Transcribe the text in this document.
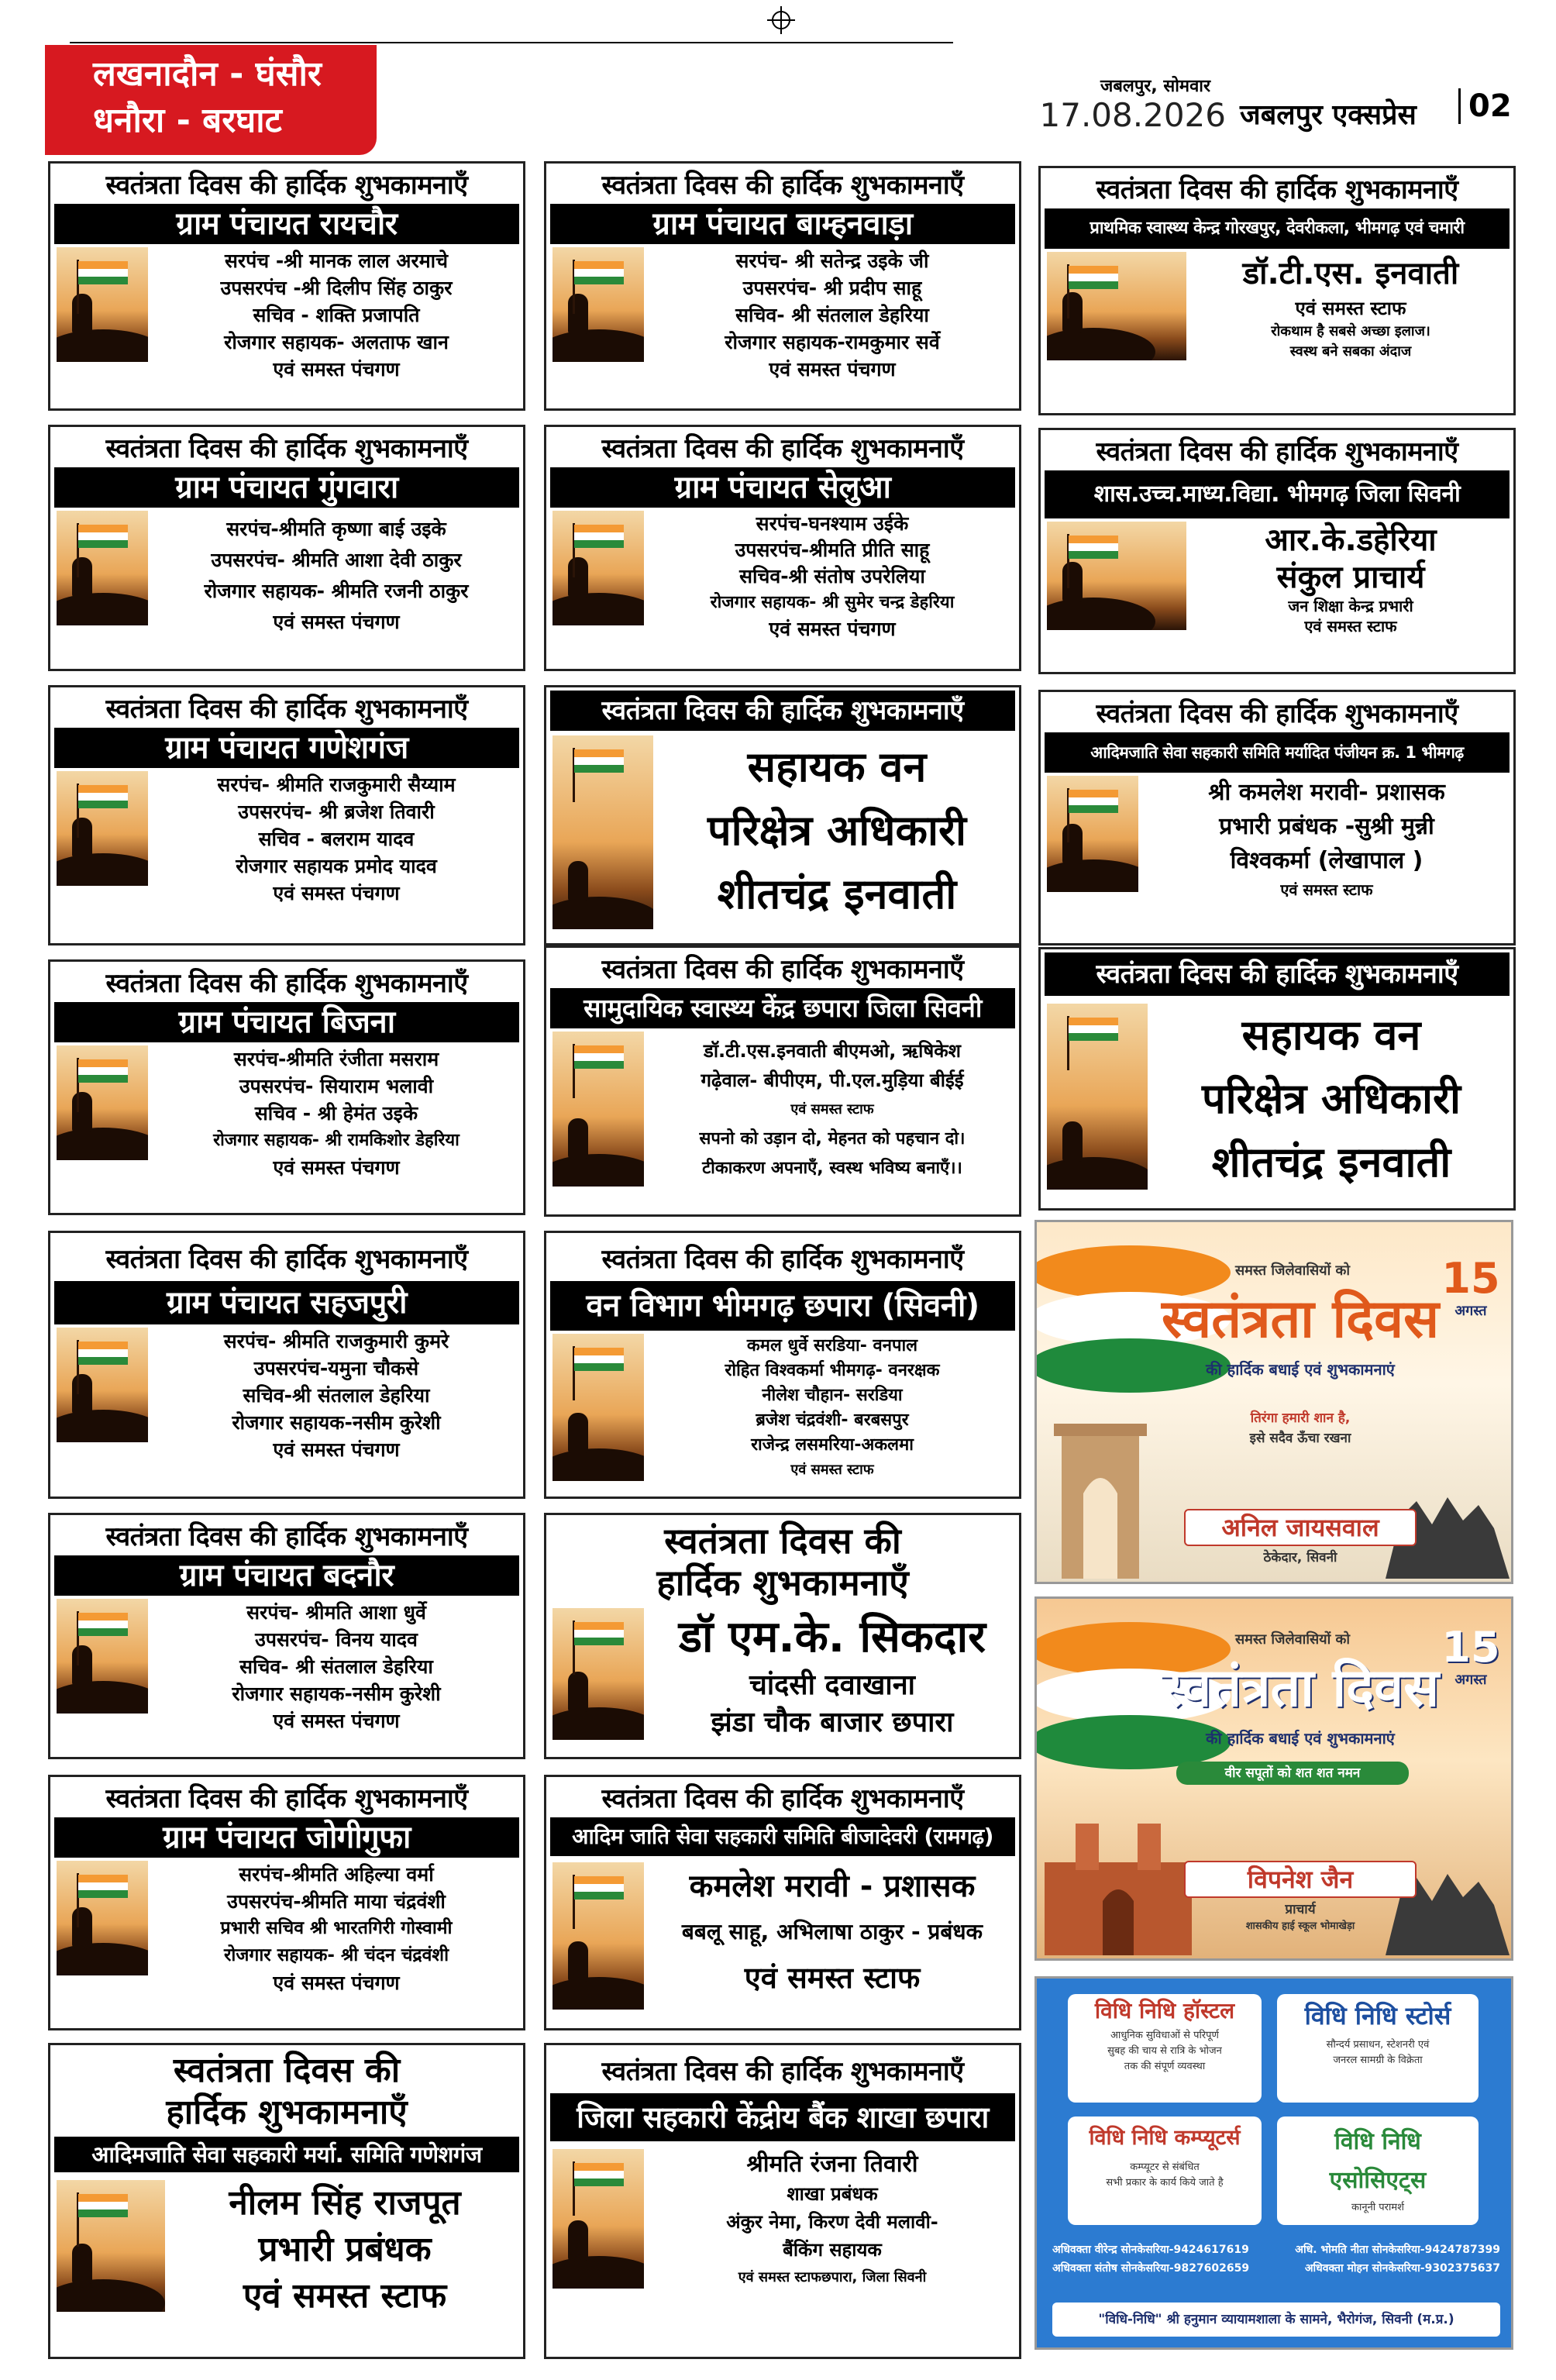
लखनादौन - घंसौर
धनौरा - बरघाट
जबलपुर, सोमवार
17.08.2026 जबलपुर एक्सप्रेस	02
स्वतंत्रता दिवस की हार्दिक शुभकामनाएँ
ग्राम पंचायत रायचौर
सरपंच -श्री मानक लाल अरमाचे
उपसरपंच -श्री दिलीप सिंह ठाकुर
सचिव - शक्ति प्रजापति
रोजगार सहायक- अलताफ खान
एवं समस्त पंचगण
स्वतंत्रता दिवस की हार्दिक शुभकामनाएँ
ग्राम पंचायत गुंगवारा
सरपंच-श्रीमति कृष्णा बाई उइके
उपसरपंच- श्रीमति आशा देवी ठाकुर
रोजगार सहायक- श्रीमति रजनी ठाकुर
एवं समस्त पंचगण
स्वतंत्रता दिवस की हार्दिक शुभकामनाएँ
ग्राम पंचायत गणेशगंज
सरपंच- श्रीमति राजकुमारी सैय्याम
उपसरपंच- श्री ब्रजेश तिवारी
सचिव - बलराम यादव
रोजगार सहायक प्रमोद यादव
एवं समस्त पंचगण
स्वतंत्रता दिवस की हार्दिक शुभकामनाएँ
ग्राम पंचायत बिजना
सरपंच-श्रीमति रंजीता मसराम
उपसरपंच- सियाराम भलावी
सचिव - श्री हेमंत उइके
रोजगार सहायक- श्री रामकिशोर डेहरिया
एवं समस्त पंचगण
स्वतंत्रता दिवस की हार्दिक शुभकामनाएँ
ग्राम पंचायत सहजपुरी
सरपंच- श्रीमति राजकुमारी कुमरे
उपसरपंच-यमुना चौकसे
सचिव-श्री संतलाल डेहरिया
रोजगार सहायक-नसीम कुरेशी
एवं समस्त पंचगण
स्वतंत्रता दिवस की हार्दिक शुभकामनाएँ
ग्राम पंचायत बदनौर
सरपंच- श्रीमति आशा धुर्वे
उपसरपंच- विनय यादव
सचिव- श्री संतलाल डेहरिया
रोजगार सहायक-नसीम कुरेशी
एवं समस्त पंचगण
स्वतंत्रता दिवस की हार्दिक शुभकामनाएँ
ग्राम पंचायत जोगीगुफा
सरपंच-श्रीमति अहिल्या वर्मा
उपसरपंच-श्रीमति माया चंद्रवंशी
प्रभारी सचिव श्री भारतगिरी गोस्वामी
रोजगार सहायक- श्री चंदन चंद्रवंशी
एवं समस्त पंचगण
स्वतंत्रता दिवस की
हार्दिक शुभकामनाएँ
आदिमजाति सेवा सहकारी मर्या. समिति गणेशगंज
नीलम सिंह राजपूत
प्रभारी प्रबंधक
एवं समस्त स्टाफ
स्वतंत्रता दिवस की हार्दिक शुभकामनाएँ
ग्राम पंचायत बाम्हनवाड़ा
सरपंच- श्री सतेन्द्र उइके जी
उपसरपंच- श्री प्रदीप साहू
सचिव- श्री संतलाल डेहरिया
रोजगार सहायक-रामकुमार सर्वे
एवं समस्त पंचगण
स्वतंत्रता दिवस की हार्दिक शुभकामनाएँ
ग्राम पंचायत सेलुआ
सरपंच-घनश्याम उईके
उपसरपंच-श्रीमति प्रीति साहू
सचिव-श्री संतोष उपरेलिया
रोजगार सहायक- श्री सुमेर चन्द्र डेहरिया
एवं समस्त पंचगण
स्वतंत्रता दिवस की हार्दिक शुभकामनाएँ
सहायक वन
परिक्षेत्र अधिकारी
शीतचंद्र इनवाती
स्वतंत्रता दिवस की हार्दिक शुभकामनाएँ
सामुदायिक स्वास्थ्य केंद्र छपारा जिला सिवनी
डॉ.टी.एस.इनवाती बीएमओ, ऋषिकेश
गढ़ेवाल- बीपीएम, पी.एल.मुड़िया बीईई
एवं समस्त स्टाफ
सपनो को उड़ान दो, मेहनत को पहचान दो।
टीकाकरण अपनाएँ, स्वस्थ भविष्य बनाएँ।।
स्वतंत्रता दिवस की हार्दिक शुभकामनाएँ
वन विभाग भीमगढ़ छपारा (सिवनी)
कमल धुर्वे सरडिया- वनपाल
रोहित विश्वकर्मा भीमगढ़- वनरक्षक
नीलेश चौहान- सरडिया
ब्रजेश चंद्रवंशी- बरबसपुर
राजेन्द्र लसमरिया-अकलमा
एवं समस्त स्टाफ
स्वतंत्रता दिवस की
हार्दिक शुभकामनाएँ
डॉ एम.के. सिकदार
चांदसी दवाखाना
झंडा चौक बाजार छपारा
स्वतंत्रता दिवस की हार्दिक शुभकामनाएँ
आदिम जाति सेवा सहकारी समिति बीजादेवरी (रामगढ़)
कमलेश मरावी - प्रशासक
बबलू साहू, अभिलाषा ठाकुर - प्रबंधक
एवं समस्त स्टाफ
स्वतंत्रता दिवस की हार्दिक शुभकामनाएँ
जिला सहकारी केंद्रीय बैंक शाखा छपारा
श्रीमति रंजना तिवारी
शाखा प्रबंधक
अंकुर नेमा, किरण देवी मलावी-
बैंकिंग सहायक
एवं समस्त स्टाफछपारा, जिला सिवनी
स्वतंत्रता दिवस की हार्दिक शुभकामनाएँ
प्राथमिक स्वास्थ्य केन्द्र गोरखपुर, देवरीकला, भीमगढ़ एवं चमारी
डॉ.टी.एस. इनवाती
एवं समस्त स्टाफ
रोकथाम है सबसे अच्छा इलाज।
स्वस्थ बने सबका अंदाज
स्वतंत्रता दिवस की हार्दिक शुभकामनाएँ
शास.उच्च.माध्य.विद्या. भीमगढ़ जिला सिवनी
आर.के.डहेरिया
संकुल प्राचार्य
जन शिक्षा केन्द्र प्रभारी
एवं समस्त स्टाफ
स्वतंत्रता दिवस की हार्दिक शुभकामनाएँ
आदिमजाति सेवा सहकारी समिति मर्यादित पंजीयन क्र. 1 भीमगढ़
श्री कमलेश मरावी- प्रशासक
प्रभारी प्रबंधक -सुश्री मुन्नी
विश्वकर्मा (लेखापाल )
एवं समस्त स्टाफ
स्वतंत्रता दिवस की हार्दिक शुभकामनाएँ
सहायक वन
परिक्षेत्र अधिकारी
शीतचंद्र इनवाती
समस्त जिलेवासियों को
स्वतंत्रता दिवस
की हार्दिक बधाई एवं शुभकामनाएं
15
अगस्त
तिरंगा हमारी शान है,
इसे सदैव ऊँचा रखना
अनिल जायसवाल
ठेकेदार, सिवनी
समस्त जिलेवासियों को
स्वतंत्रता दिवस
की हार्दिक बधाई एवं शुभकामनाएं
15
अगस्त
वीर सपूतों को शत शत नमन
विपनेश जैन
प्राचार्य
शासकीय हाई स्कूल भोमाखेड़ा
विधि निधि हॉस्टल
आधुनिक सुविधाओं से परिपूर्ण
सुबह की चाय से रात्रि के भोजन
तक की संपूर्ण व्यवस्था
विधि निधि स्टोर्स
सौन्दर्य प्रसाधन, स्टेशनरी एवं
जनरल सामग्री के विक्रेता
विधि निधि कम्प्यूटर्स
कम्प्यूटर से संबंधित
सभी प्रकार के कार्य किये जाते है
विधि निधि एसोसिएट्स
कानूनी परामर्श
अधिवक्ता वीरेन्द्र सोनकेसरिया-9424617619	अधि. भोमति नीता सोनकेसरिया-9424787399
अधिवक्ता संतोष सोनकेसरिया-9827602659	अधिवक्ता मोहन सोनकेसरिया-9302375637
"विधि-निधि" श्री हनुमान व्यायामशाला के सामने, भैरोगंज, सिवनी (म.प्र.)
